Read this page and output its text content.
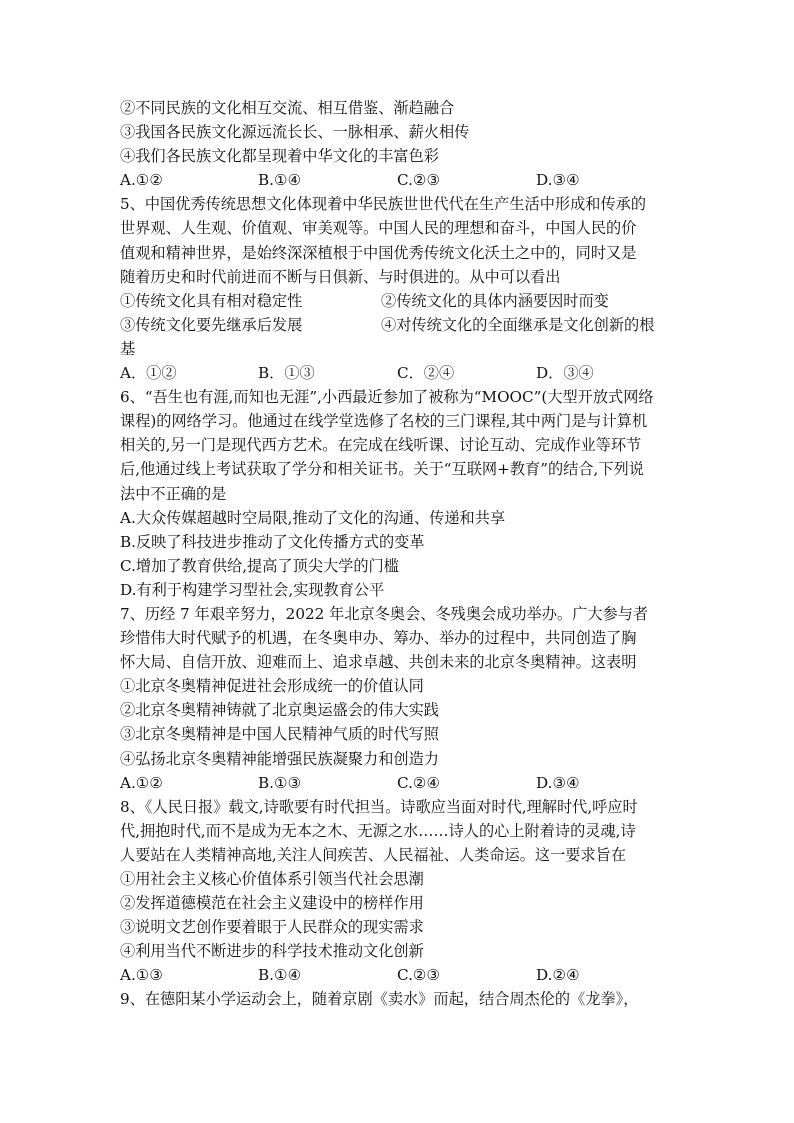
②不同民族的文化相互交流、相互借鉴、渐趋融合
③我国各民族文化源远流长长、一脉相承、薪火相传
④我们各民族文化都呈现着中华文化的丰富色彩
A.①②	B.①④	C.②③	D.③④
5、中国优秀传统思想文化体现着中华民族世世代代在生产生活中形成和传承的
世界观、人生观、价值观、审美观等。中国人民的理想和奋斗，中国人民的价
值观和精神世界，是始终深深植根于中国优秀传统文化沃土之中的，同时又是
随着历史和时代前进而不断与日俱新、与时俱进的。从中可以看出
①传统文化具有相对稳定性	②传统文化的具体内涵要因时而变
③传统文化要先继承后发展	④对传统文化的全面继承是文化创新的根
基
A．①②	B．①③	C．②④	D．③④
6、“吾生也有涯,而知也无涯”,小西最近参加了被称为“MOOC”(大型开放式网络
课程)的网络学习。他通过在线学堂选修了名校的三门课程,其中两门是与计算机
相关的,另一门是现代西方艺术。在完成在线听课、讨论互动、完成作业等环节
后,他通过线上考试获取了学分和相关证书。关于“互联网+教育”的结合,下列说
法中不正确的是
A.大众传媒超越时空局限,推动了文化的沟通、传递和共享
B.反映了科技进步推动了文化传播方式的变革
C.增加了教育供给,提高了顶尖大学的门槛
D.有利于构建学习型社会,实现教育公平
7、历经 7 年艰辛努力，2022 年北京冬奥会、冬残奥会成功举办。广大参与者
珍惜伟大时代赋予的机遇，在冬奥申办、筹办、举办的过程中，共同创造了胸
怀大局、自信开放、迎难而上、追求卓越、共创未来的北京冬奥精神。这表明
①北京冬奥精神促进社会形成统一的价值认同
②北京冬奥精神铸就了北京奥运盛会的伟大实践
③北京冬奥精神是中国人民精神气质的时代写照
④弘扬北京冬奥精神能增强民族凝聚力和创造力
A.①②	B.①③	C.②④	D.③④
8、《人民日报》载文,诗歌要有时代担当。诗歌应当面对时代,理解时代,呼应时
代,拥抱时代,而不是成为无本之木、无源之水……诗人的心上附着诗的灵魂,诗
人要站在人类精神高地,关注人间疾苦、人民福祉、人类命运。这一要求旨在
①用社会主义核心价值体系引领当代社会思潮
②发挥道德模范在社会主义建设中的榜样作用
③说明文艺创作要着眼于人民群众的现实需求
④利用当代不断进步的科学技术推动文化创新
A.①③	B.①④	C.②③	D.②④
9、在德阳某小学运动会上，随着京剧《卖水》而起，结合周杰伦的《龙拳》，
